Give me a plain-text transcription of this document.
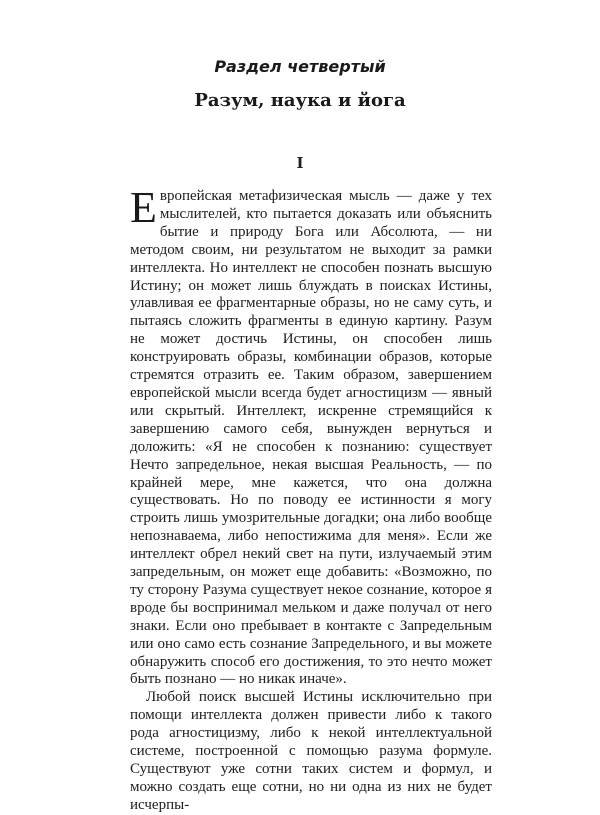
Раздел четвертый
Разум, наука и йога
I

Европейская метафизическая мысль — даже у тех мыслителей, кто пытается доказать или объяснить бытие и природу Бога или Абсолюта, — ни методом своим, ни результатом не выходит за рамки интеллекта. Но интеллект не способен познать высшую Истину; он может лишь блуждать в поисках Истины, улавливая ее фрагментарные образы, но не саму суть, и пытаясь сложить фрагменты в единую картину. Разум не может достичь Истины, он способен лишь конструировать образы, комбинации образов, которые стремятся отразить ее. Таким образом, завершением европейской мысли всегда будет агностицизм — явный или скрытый. Интеллект, искренне стремящийся к завершению самого себя, вынужден вернуться и доложить: «Я не способен к познанию: существует Нечто запредельное, некая высшая Реальность, — по крайней мере, мне кажется, что она должна существовать. Но по поводу ее истинности я могу строить лишь умозрительные догадки; она либо вообще непознаваема, либо непостижима для меня». Если же интеллект обрел некий свет на пути, излучаемый этим запредельным, он может еще добавить: «Возможно, по ту сторону Разума существует некое сознание, которое я вроде бы воспринимал мельком и даже получал от него знаки. Если оно пребывает в контакте с Запредельным или оно само есть сознание Запредельного, и вы можете обнаружить способ его достижения, то это нечто может быть познано — но никак иначе».

Любой поиск высшей Истины исключительно при помощи интеллекта должен привести либо к такого рода агностицизму, либо к некой интеллектуальной системе, построенной с помощью разума формуле. Существуют уже сотни таких систем и формул, и можно создать еще сотни, но ни одна из них не будет исчерпы-
